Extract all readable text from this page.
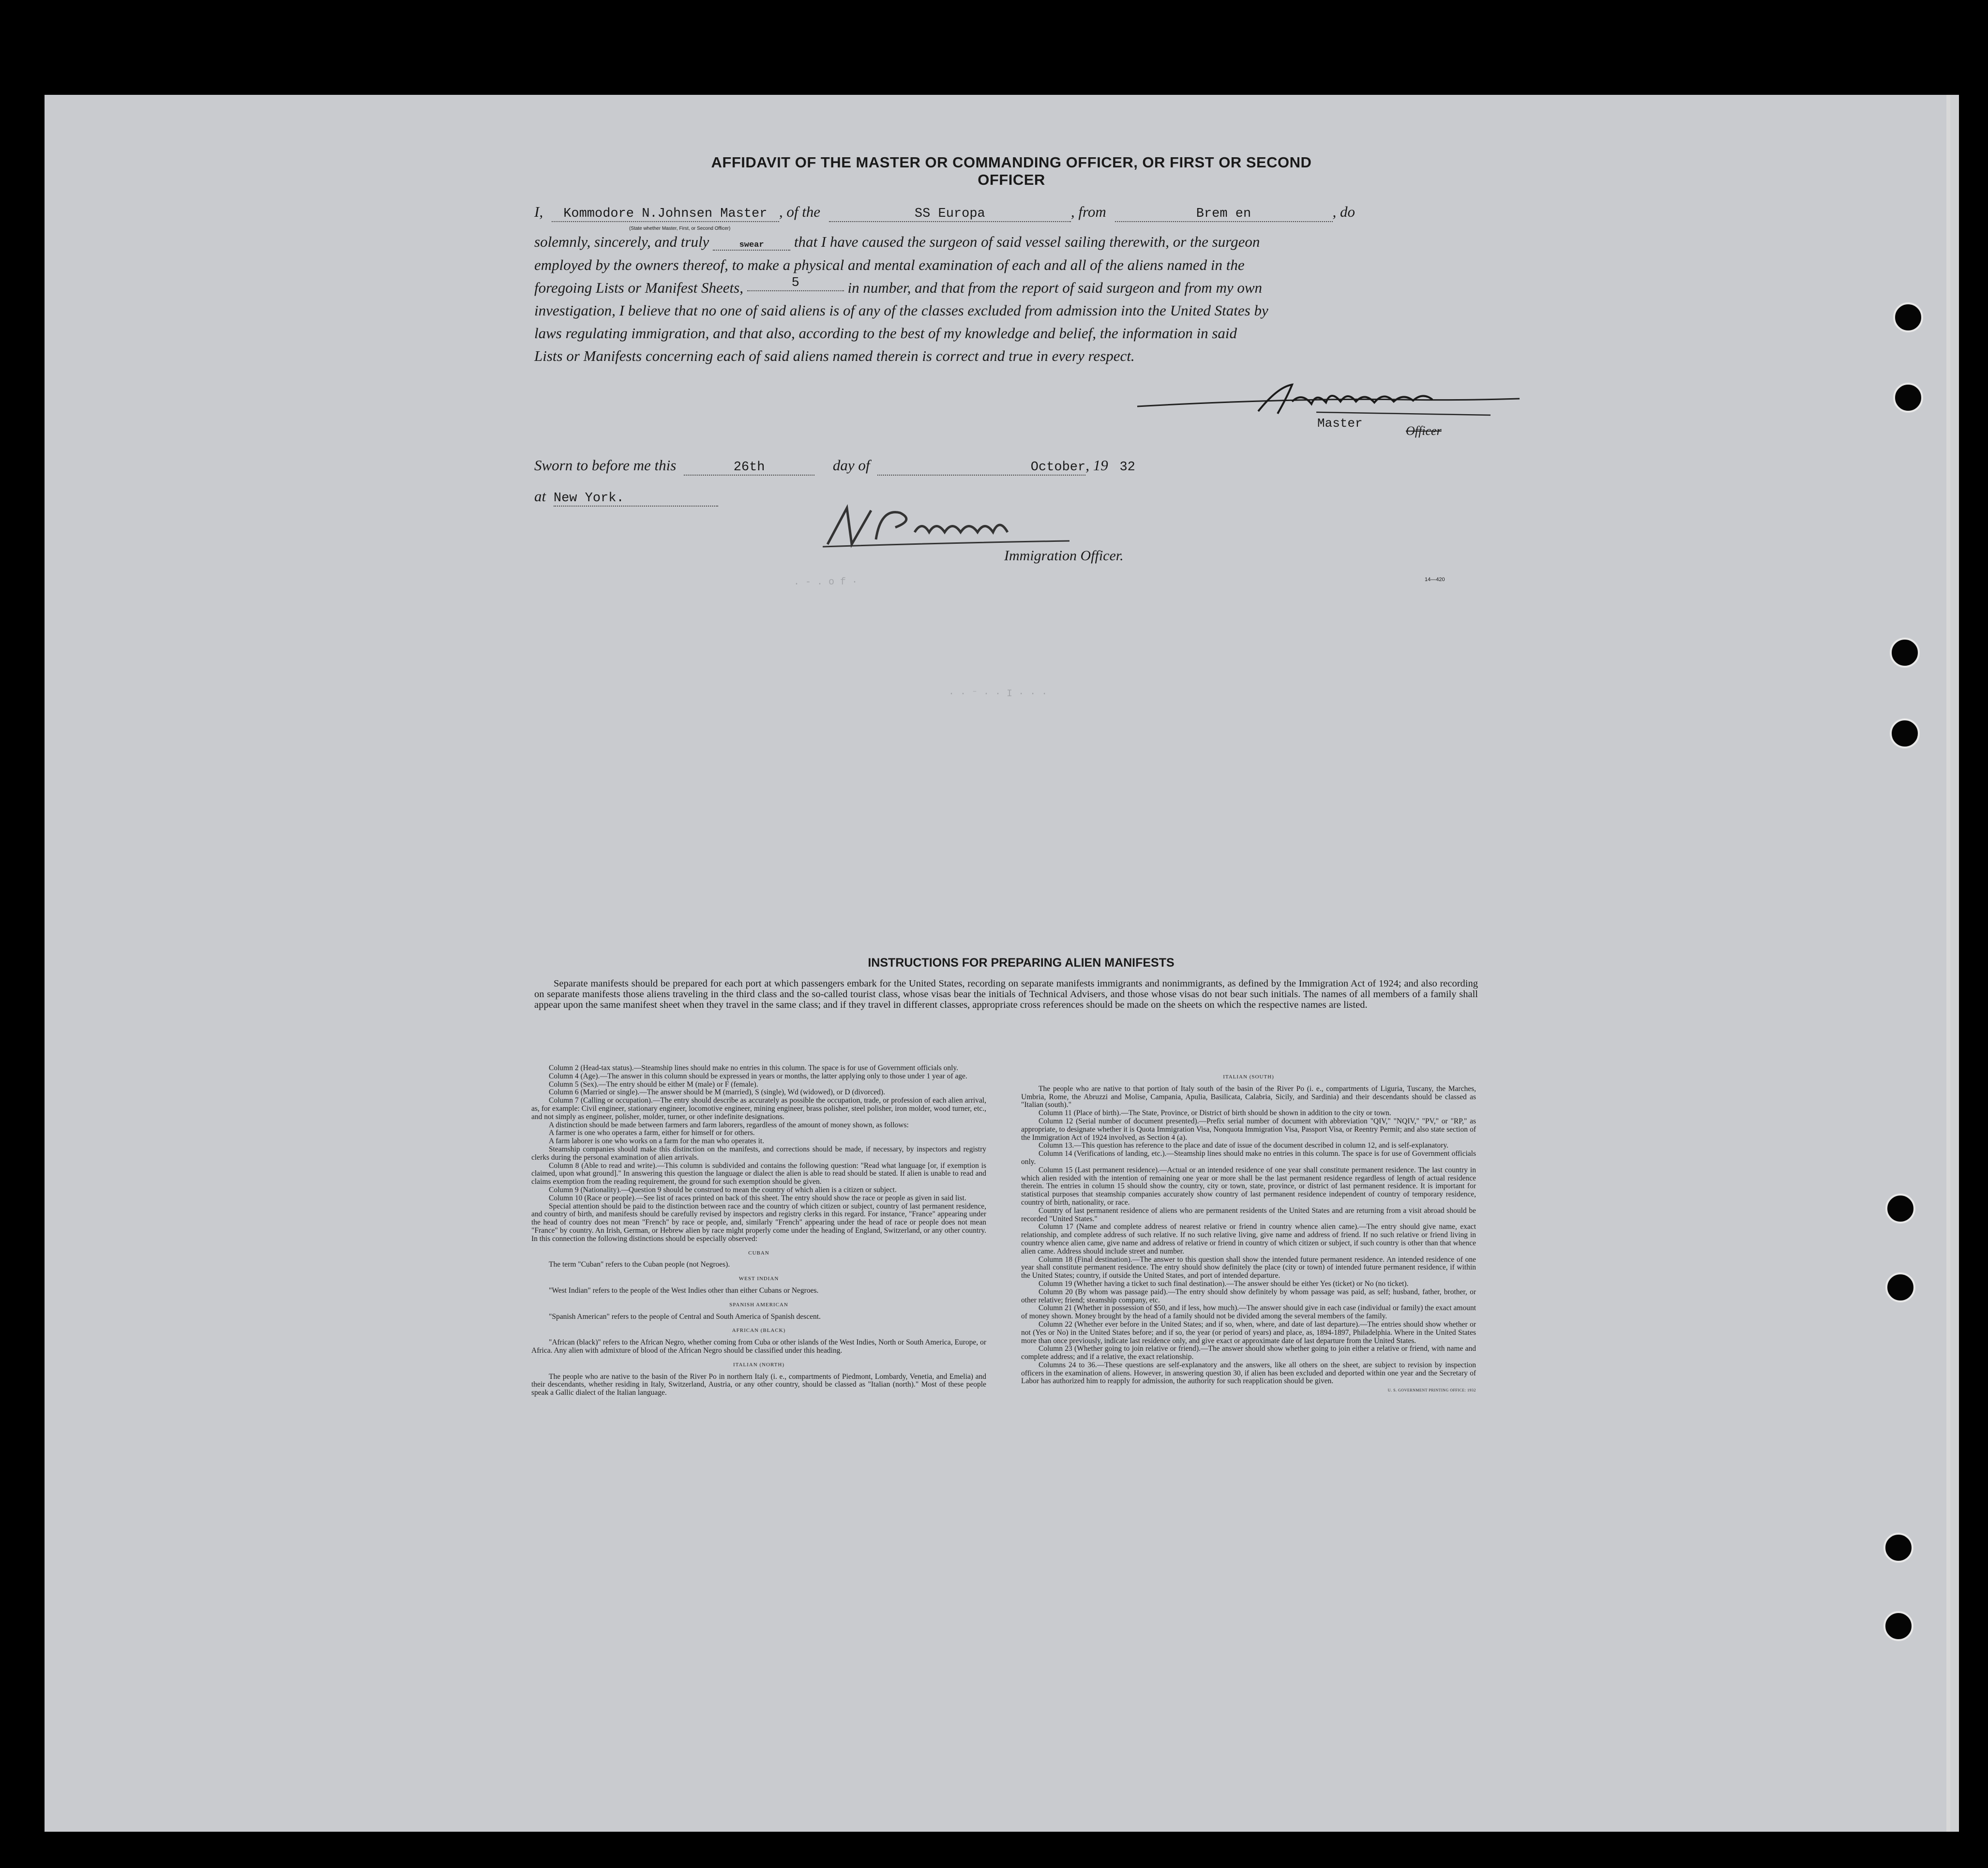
AFFIDAVIT OF THE MASTER OR COMMANDING OFFICER, OR FIRST OR SECOND OFFICER
I, Kommodore N.Johnsen Master , of the	SS Europa	, from	Brem en	, do
(State whether Master, First, or Second Officer)
solemnly, sincerely, and truly	swear that I have caused the surgeon of said vessel sailing therewith, or the surgeon
employed by the owners thereof, to make a physical and mental examination of each and all of the aliens named in the
foregoing Lists or Manifest Sheets,	5	in number, and that from the report of said surgeon and from my own
investigation, I believe that no one of said aliens is of any of the classes excluded from admission into the United States by
laws regulating immigration, and that also, according to the best of my knowledge and belief, the information in said
Lists or Manifests concerning each of said aliens named therein is correct and true in every respect.
Master
Officer
Sworn to before me this	26th	day of	October, 19 32
at New York.
Immigration Officer.
14—420
. - . o f ·
· · ⁻ · · I · · ·
INSTRUCTIONS FOR PREPARING ALIEN MANIFESTS
Separate manifests should be prepared for each port at which passengers embark for the United States, recording on separate manifests immigrants and nonimmigrants, as defined by the Immigration Act of 1924; and also recording on separate manifests those aliens traveling in the third class and the so-called tourist class, whose visas bear the initials of Technical Advisers, and those whose visas do not bear such initials. The names of all members of a family shall appear upon the same manifest sheet when they travel in the same class; and if they travel in different classes, appropriate cross references should be made on the sheets on which the respective names are listed.

Column 2 (Head-tax status).—Steamship lines should make no entries in this column. The space is for use of Government officials only.

Column 4 (Age).—The answer in this column should be expressed in years or months, the latter applying only to those under 1 year of age.

Column 5 (Sex).—The entry should be either M (male) or F (female).

Column 6 (Married or single).—The answer should be M (married), S (single), Wd (widowed), or D (divorced).

Column 7 (Calling or occupation).—The entry should describe as accurately as possible the occupation, trade, or profession of each alien arrival, as, for example: Civil engineer, stationary engineer, locomotive engineer, mining engineer, brass polisher, steel polisher, iron molder, wood turner, etc., and not simply as engineer, polisher, molder, turner, or other indefinite designations.

A distinction should be made between farmers and farm laborers, regardless of the amount of money shown, as follows:

A farmer is one who operates a farm, either for himself or for others.

A farm laborer is one who works on a farm for the man who operates it.

Steamship companies should make this distinction on the manifests, and corrections should be made, if necessary, by inspectors and registry clerks during the personal examination of alien arrivals.

Column 8 (Able to read and write).—This column is subdivided and contains the following question: "Read what language [or, if exemption is claimed, upon what ground]." In answering this question the language or dialect the alien is able to read should be stated. If alien is unable to read and claims exemption from the reading requirement, the ground for such exemption should be given.

Column 9 (Nationality).—Question 9 should be construed to mean the country of which alien is a citizen or subject.

Column 10 (Race or people).—See list of races printed on back of this sheet. The entry should show the race or people as given in said list.

Special attention should be paid to the distinction between race and the country of which citizen or subject, country of last permanent residence, and country of birth, and manifests should be carefully revised by inspectors and registry clerks in this regard. For instance, "France" appearing under the head of country does not mean "French" by race or people, and, similarly "French" appearing under the head of race or people does not mean "France" by country. An Irish, German, or Hebrew alien by race might properly come under the heading of England, Switzerland, or any other country. In this connection the following distinctions should be especially observed:

CUBAN

The term "Cuban" refers to the Cuban people (not Negroes).

WEST INDIAN

"West Indian" refers to the people of the West Indies other than either Cubans or Negroes.

SPANISH AMERICAN

"Spanish American" refers to the people of Central and South America of Spanish descent.

AFRICAN (BLACK)

"African (black)" refers to the African Negro, whether coming from Cuba or other islands of the West Indies, North or South America, Europe, or Africa. Any alien with admixture of blood of the African Negro should be classified under this heading.

ITALIAN (NORTH)

The people who are native to the basin of the River Po in northern Italy (i. e., compartments of Piedmont, Lombardy, Venetia, and Emelia) and their descendants, whether residing in Italy, Switzerland, Austria, or any other country, should be classed as "Italian (north)." Most of these people speak a Gallic dialect of the Italian language.

ITALIAN (SOUTH)

The people who are native to that portion of Italy south of the basin of the River Po (i. e., compartments of Liguria, Tuscany, the Marches, Umbria, Rome, the Abruzzi and Molise, Campania, Apulia, Basilicata, Calabria, Sicily, and Sardinia) and their descendants should be classed as "Italian (south)."

Column 11 (Place of birth).—The State, Province, or District of birth should be shown in addition to the city or town.

Column 12 (Serial number of document presented).—Prefix serial number of document with abbreviation "QIV," "NQIV," "PV," or "RP," as appropriate, to designate whether it is Quota Immigration Visa, Nonquota Immigration Visa, Passport Visa, or Reentry Permit; and also state section of the Immigration Act of 1924 involved, as Section 4 (a).

Column 13.—This question has reference to the place and date of issue of the document described in column 12, and is self-explanatory.

Column 14 (Verifications of landing, etc.).—Steamship lines should make no entries in this column. The space is for use of Government officials only.

Column 15 (Last permanent residence).—Actual or an intended residence of one year shall constitute permanent residence. The last country in which alien resided with the intention of remaining one year or more shall be the last permanent residence regardless of length of actual residence therein. The entries in column 15 should show the country, city or town, state, province, or district of last permanent residence. It is important for statistical purposes that steamship companies accurately show country of last permanent residence independent of country of temporary residence, country of birth, nationality, or race.

Country of last permanent residence of aliens who are permanent residents of the United States and are returning from a visit abroad should be recorded "United States."

Column 17 (Name and complete address of nearest relative or friend in country whence alien came).—The entry should give name, exact relationship, and complete address of such relative. If no such relative living, give name and address of friend. If no such relative or friend living in country whence alien came, give name and address of relative or friend in country of which citizen or subject, if such country is other than that whence alien came. Address should include street and number.

Column 18 (Final destination).—The answer to this question shall show the intended future permanent residence. An intended residence of one year shall constitute permanent residence. The entry should show definitely the place (city or town) of intended future permanent residence, if within the United States; country, if outside the United States, and port of intended departure.

Column 19 (Whether having a ticket to such final destination).—The answer should be either Yes (ticket) or No (no ticket).

Column 20 (By whom was passage paid).—The entry should show definitely by whom passage was paid, as self; husband, father, brother, or other relative; friend; steamship company, etc.

Column 21 (Whether in possession of $50, and if less, how much).—The answer should give in each case (individual or family) the exact amount of money shown. Money brought by the head of a family should not be divided among the several members of the family.

Column 22 (Whether ever before in the United States; and if so, when, where, and date of last departure).—The entries should show whether or not (Yes or No) in the United States before; and if so, the year (or period of years) and place, as, 1894-1897, Philadelphia. Where in the United States more than once previously, indicate last residence only, and give exact or approximate date of last departure from the United States.

Column 23 (Whether going to join relative or friend).—The answer should show whether going to join either a relative or friend, with name and complete address; and if a relative, the exact relationship.

Columns 24 to 36.—These questions are self-explanatory and the answers, like all others on the sheet, are subject to revision by inspection officers in the examination of aliens. However, in answering question 30, if alien has been excluded and deported within one year and the Secretary of Labor has authorized him to reapply for admission, the authority for such reapplication should be given.

U. S. GOVERNMENT PRINTING OFFICE: 1932
